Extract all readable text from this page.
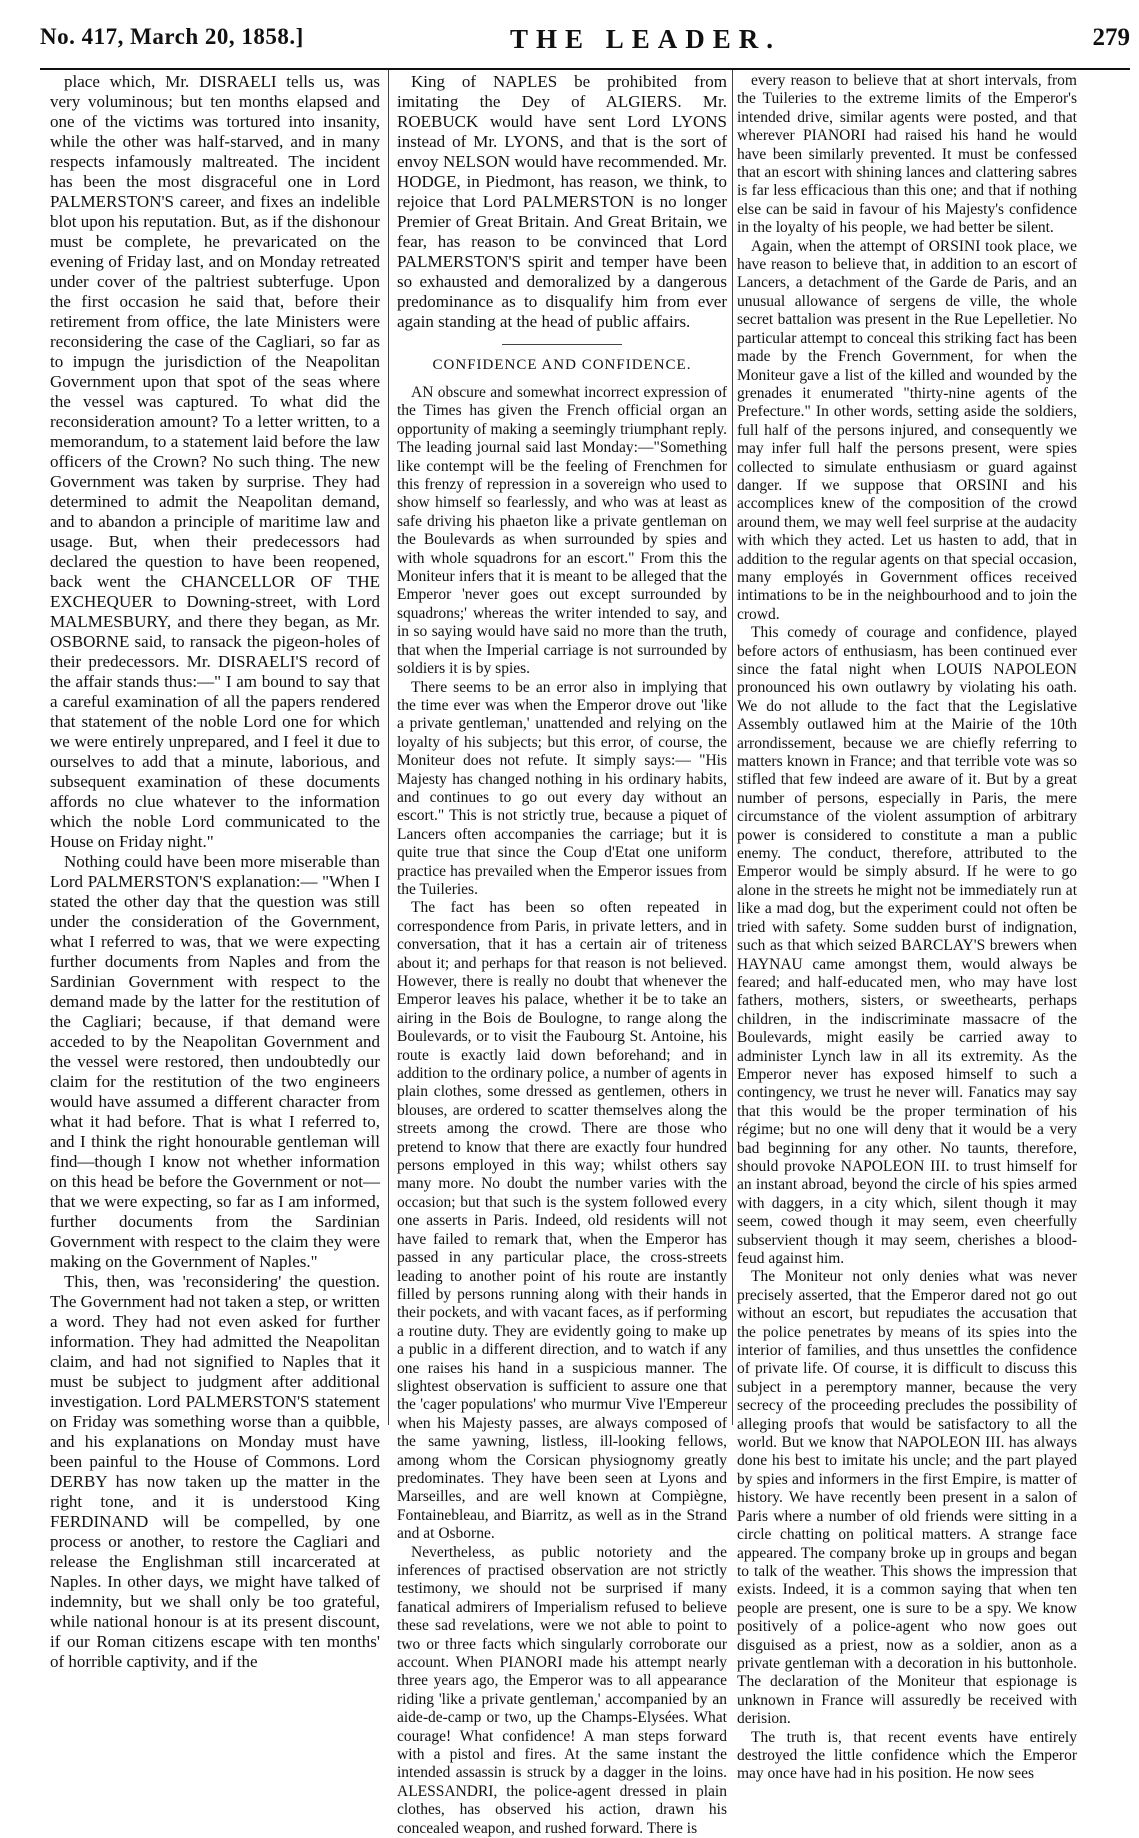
No. 417, March 20, 1858.]	THE LEADER.	279

place which, Mr. DISRAELI tells us, was very voluminous; but ten months elapsed and one of the victims was tortured into insanity, while the other was half-starved, and in many respects infamously maltreated. The incident has been the most disgraceful one in Lord PALMERSTON'S career, and fixes an indelible blot upon his reputation. But, as if the dishonour must be complete, he prevaricated on the evening of Friday last, and on Monday retreated under cover of the paltriest subterfuge. Upon the first occasion he said that, before their retirement from office, the late Ministers were reconsidering the case of the Cagliari, so far as to impugn the jurisdiction of the Neapolitan Government upon that spot of the seas where the vessel was captured. To what did the reconsideration amount? To a letter written, to a memorandum, to a statement laid before the law officers of the Crown? No such thing. The new Government was taken by surprise. They had determined to admit the Neapolitan demand, and to abandon a principle of maritime law and usage. But, when their predecessors had declared the question to have been reopened, back went the CHANCELLOR OF THE EXCHEQUER to Downing-street, with Lord MALMESBURY, and there they began, as Mr. OSBORNE said, to ransack the pigeon-holes of their predecessors. Mr. DISRAELI'S record of the affair stands thus:—" I am bound to say that a careful examination of all the papers rendered that statement of the noble Lord one for which we were entirely unprepared, and I feel it due to ourselves to add that a minute, laborious, and subsequent examination of these documents affords no clue whatever to the information which the noble Lord communicated to the House on Friday night."

Nothing could have been more miserable than Lord PALMERSTON'S explanation:— "When I stated the other day that the question was still under the consideration of the Government, what I referred to was, that we were expecting further documents from Naples and from the Sardinian Government with respect to the demand made by the latter for the restitution of the Cagliari; because, if that demand were acceded to by the Neapolitan Government and the vessel were restored, then undoubtedly our claim for the restitution of the two engineers would have assumed a different character from what it had before. That is what I referred to, and I think the right honourable gentleman will find—though I know not whether information on this head be before the Government or not—that we were expecting, so far as I am informed, further documents from the Sardinian Government with respect to the claim they were making on the Government of Naples."

This, then, was 'reconsidering' the question. The Government had not taken a step, or written a word. They had not even asked for further information. They had admitted the Neapolitan claim, and had not signified to Naples that it must be subject to judgment after additional investigation. Lord PALMERSTON'S statement on Friday was something worse than a quibble, and his explanations on Monday must have been painful to the House of Commons. Lord DERBY has now taken up the matter in the right tone, and it is understood King FERDINAND will be compelled, by one process or another, to restore the Cagliari and release the Englishman still incarcerated at Naples. In other days, we might have talked of indemnity, but we shall only be too grateful, while national honour is at its present discount, if our Roman citizens escape with ten months' of horrible captivity, and if the

King of NAPLES be prohibited from imitating the Dey of ALGIERS. Mr. ROEBUCK would have sent Lord LYONS instead of Mr. LYONS, and that is the sort of envoy NELSON would have recommended. Mr. HODGE, in Piedmont, has reason, we think, to rejoice that Lord PALMERSTON is no longer Premier of Great Britain. And Great Britain, we fear, has reason to be convinced that Lord PALMERSTON'S spirit and temper have been so exhausted and demoralized by a dangerous predominance as to disqualify him from ever again standing at the head of public affairs.

CONFIDENCE AND CONFIDENCE.

AN obscure and somewhat incorrect expression of the Times has given the French official organ an opportunity of making a seemingly triumphant reply. The leading journal said last Monday:—"Something like contempt will be the feeling of Frenchmen for this frenzy of repression in a sovereign who used to show himself so fearlessly, and who was at least as safe driving his phaeton like a private gentleman on the Boulevards as when surrounded by spies and with whole squadrons for an escort." From this the Moniteur infers that it is meant to be alleged that the Emperor 'never goes out except surrounded by squadrons;' whereas the writer intended to say, and in so saying would have said no more than the truth, that when the Imperial carriage is not surrounded by soldiers it is by spies.

There seems to be an error also in implying that the time ever was when the Emperor drove out 'like a private gentleman,' unattended and relying on the loyalty of his subjects; but this error, of course, the Moniteur does not refute. It simply says:— "His Majesty has changed nothing in his ordinary habits, and continues to go out every day without an escort." This is not strictly true, because a piquet of Lancers often accompanies the carriage; but it is quite true that since the Coup d'Etat one uniform practice has prevailed when the Emperor issues from the Tuileries.

The fact has been so often repeated in correspondence from Paris, in private letters, and in conversation, that it has a certain air of triteness about it; and perhaps for that reason is not believed. However, there is really no doubt that whenever the Emperor leaves his palace, whether it be to take an airing in the Bois de Boulogne, to range along the Boulevards, or to visit the Faubourg St. Antoine, his route is exactly laid down beforehand; and in addition to the ordinary police, a number of agents in plain clothes, some dressed as gentlemen, others in blouses, are ordered to scatter themselves along the streets among the crowd. There are those who pretend to know that there are exactly four hundred persons employed in this way; whilst others say many more. No doubt the number varies with the occasion; but that such is the system followed every one asserts in Paris. Indeed, old residents will not have failed to remark that, when the Emperor has passed in any particular place, the cross-streets leading to another point of his route are instantly filled by persons running along with their hands in their pockets, and with vacant faces, as if performing a routine duty. They are evidently going to make up a public in a different direction, and to watch if any one raises his hand in a suspicious manner. The slightest observation is sufficient to assure one that the 'cager populations' who murmur Vive l'Empereur when his Majesty passes, are always composed of the same yawning, listless, ill-looking fellows, among whom the Corsican physiognomy greatly predominates. They have been seen at Lyons and Marseilles, and are well known at Compiègne, Fontainebleau, and Biarritz, as well as in the Strand and at Osborne.

Nevertheless, as public notoriety and the inferences of practised observation are not strictly testimony, we should not be surprised if many fanatical admirers of Imperialism refused to believe these sad revelations, were we not able to point to two or three facts which singularly corroborate our account. When PIANORI made his attempt nearly three years ago, the Emperor was to all appearance riding 'like a private gentleman,' accompanied by an aide-de-camp or two, up the Champs-Elysées. What courage! What confidence! A man steps forward with a pistol and fires. At the same instant the intended assassin is struck by a dagger in the loins. ALESSANDRI, the police-agent dressed in plain clothes, has observed his action, drawn his concealed weapon, and rushed forward. There is

every reason to believe that at short intervals, from the Tuileries to the extreme limits of the Emperor's intended drive, similar agents were posted, and that wherever PIANORI had raised his hand he would have been similarly prevented. It must be confessed that an escort with shining lances and clattering sabres is far less efficacious than this one; and that if nothing else can be said in favour of his Majesty's confidence in the loyalty of his people, we had better be silent.

Again, when the attempt of ORSINI took place, we have reason to believe that, in addition to an escort of Lancers, a detachment of the Garde de Paris, and an unusual allowance of sergens de ville, the whole secret battalion was present in the Rue Lepelletier. No particular attempt to conceal this striking fact has been made by the French Government, for when the Moniteur gave a list of the killed and wounded by the grenades it enumerated "thirty-nine agents of the Prefecture." In other words, setting aside the soldiers, full half of the persons injured, and consequently we may infer full half the persons present, were spies collected to simulate enthusiasm or guard against danger. If we suppose that ORSINI and his accomplices knew of the composition of the crowd around them, we may well feel surprise at the audacity with which they acted. Let us hasten to add, that in addition to the regular agents on that special occasion, many employés in Government offices received intimations to be in the neighbourhood and to join the crowd.

This comedy of courage and confidence, played before actors of enthusiasm, has been continued ever since the fatal night when LOUIS NAPOLEON pronounced his own outlawry by violating his oath. We do not allude to the fact that the Legislative Assembly outlawed him at the Mairie of the 10th arrondissement, because we are chiefly referring to matters known in France; and that terrible vote was so stifled that few indeed are aware of it. But by a great number of persons, especially in Paris, the mere circumstance of the violent assumption of arbitrary power is considered to constitute a man a public enemy. The conduct, therefore, attributed to the Emperor would be simply absurd. If he were to go alone in the streets he might not be immediately run at like a mad dog, but the experiment could not often be tried with safety. Some sudden burst of indignation, such as that which seized BARCLAY'S brewers when HAYNAU came amongst them, would always be feared; and half-educated men, who may have lost fathers, mothers, sisters, or sweethearts, perhaps children, in the indiscriminate massacre of the Boulevards, might easily be carried away to administer Lynch law in all its extremity. As the Emperor never has exposed himself to such a contingency, we trust he never will. Fanatics may say that this would be the proper termination of his régime; but no one will deny that it would be a very bad beginning for any other. No taunts, therefore, should provoke NAPOLEON III. to trust himself for an instant abroad, beyond the circle of his spies armed with daggers, in a city which, silent though it may seem, cowed though it may seem, even cheerfully subservient though it may seem, cherishes a blood-feud against him.

The Moniteur not only denies what was never precisely asserted, that the Emperor dared not go out without an escort, but repudiates the accusation that the police penetrates by means of its spies into the interior of families, and thus unsettles the confidence of private life. Of course, it is difficult to discuss this subject in a peremptory manner, because the very secrecy of the proceeding precludes the possibility of alleging proofs that would be satisfactory to all the world. But we know that NAPOLEON III. has always done his best to imitate his uncle; and the part played by spies and informers in the first Empire, is matter of history. We have recently been present in a salon of Paris where a number of old friends were sitting in a circle chatting on political matters. A strange face appeared. The company broke up in groups and began to talk of the weather. This shows the impression that exists. Indeed, it is a common saying that when ten people are present, one is sure to be a spy. We know positively of a police-agent who now goes out disguised as a priest, now as a soldier, anon as a private gentleman with a decoration in his buttonhole. The declaration of the Moniteur that espionage is unknown in France will assuredly be received with derision.

The truth is, that recent events have entirely destroyed the little confidence which the Emperor may once have had in his position. He now sees
